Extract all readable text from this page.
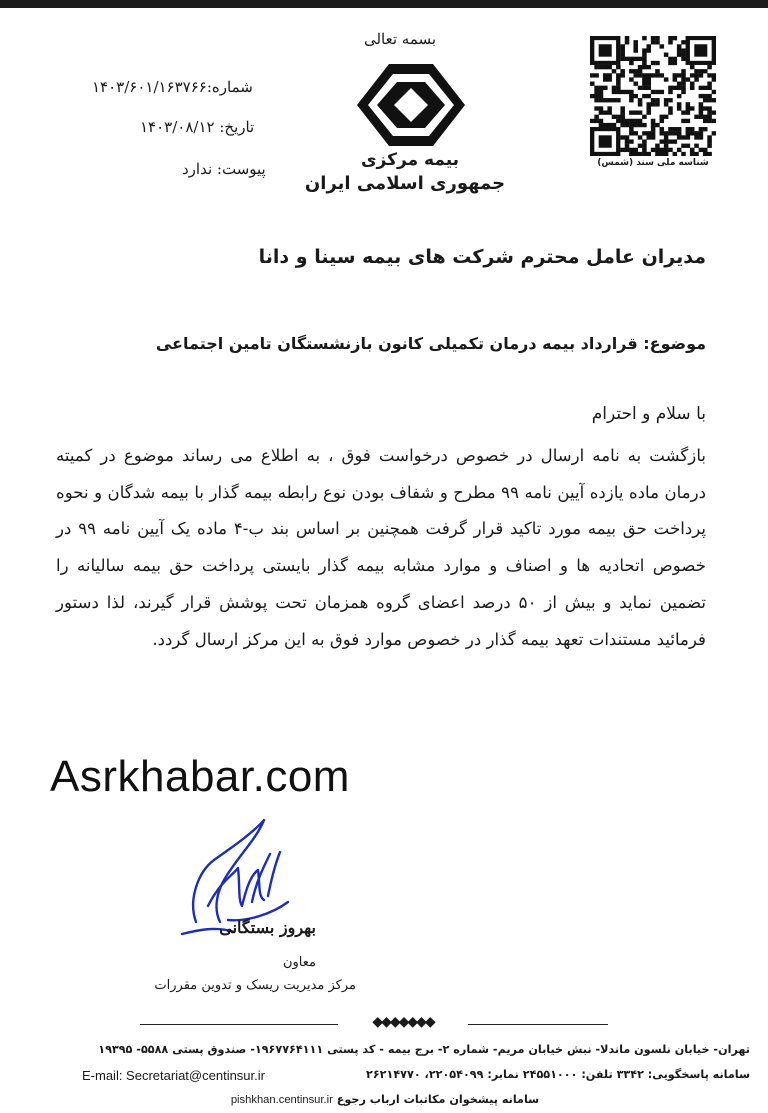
شماره:۱۴۰۳/۶۰۱/۱۶۳۷۶۶
تاریخ: ۱۴۰۳/۰۸/۱۲
پیوست: ندارد
بسمه تعالی
بیمه مرکزی
جمهوری اسلامی ایران
شناسه ملی سند (شمس)
مدیران عامل محترم شرکت های بیمه سینا و دانا
موضوع: قرارداد بیمه درمان تکمیلی کانون بازنشستگان تامین اجتماعی
با سلام و احترام
بازگشت به نامه ارسال در خصوص درخواست فوق ، به اطلاع می رساند موضوع در کمیته درمان ماده یازده آیین نامه ۹۹ مطرح و شفاف بودن نوع رابطه بیمه گذار با بیمه شدگان و نحوه پرداخت حق بیمه مورد تاکید قرار گرفت همچنین بر اساس بند ب-۴ ماده یک آیین نامه ۹۹ در خصوص اتحادیه ها و اصناف و موارد مشابه بیمه گذار بایستی پرداخت حق بیمه سالیانه را تضمین نماید و بیش از ۵۰ درصد اعضای گروه همزمان تحت پوشش قرار گیرند، لذا دستور فرمائید مستندات تعهد بیمه گذار در خصوص موارد فوق به این مرکز ارسال گردد.
Asrkhabar.com
بهروز بستگانی
معاون
مرکز مدیریت ریسک و تدوین مقررات
◆◆◆◆◆◆◆
تهران- خیابان نلسون ماندلا- نبش خیابان مریم- شماره ۲- برج بیمه - کد پستی ۱۹۶۷۷۶۴۱۱۱- صندوق پستی ۵۵۸۸- ۱۹۳۹۵
سامانه پاسخگویی: ۳۳۴۲ تلفن: ۲۴۵۵۱۰۰۰ نمابر: ۲۲۰۵۴۰۹۹، ۲۶۲۱۴۷۷۰
E-mail: Secretariat@centinsur.ir
سامانه پیشخوان مکاتبات ارباب رجوع pishkhan.centinsur.ir
